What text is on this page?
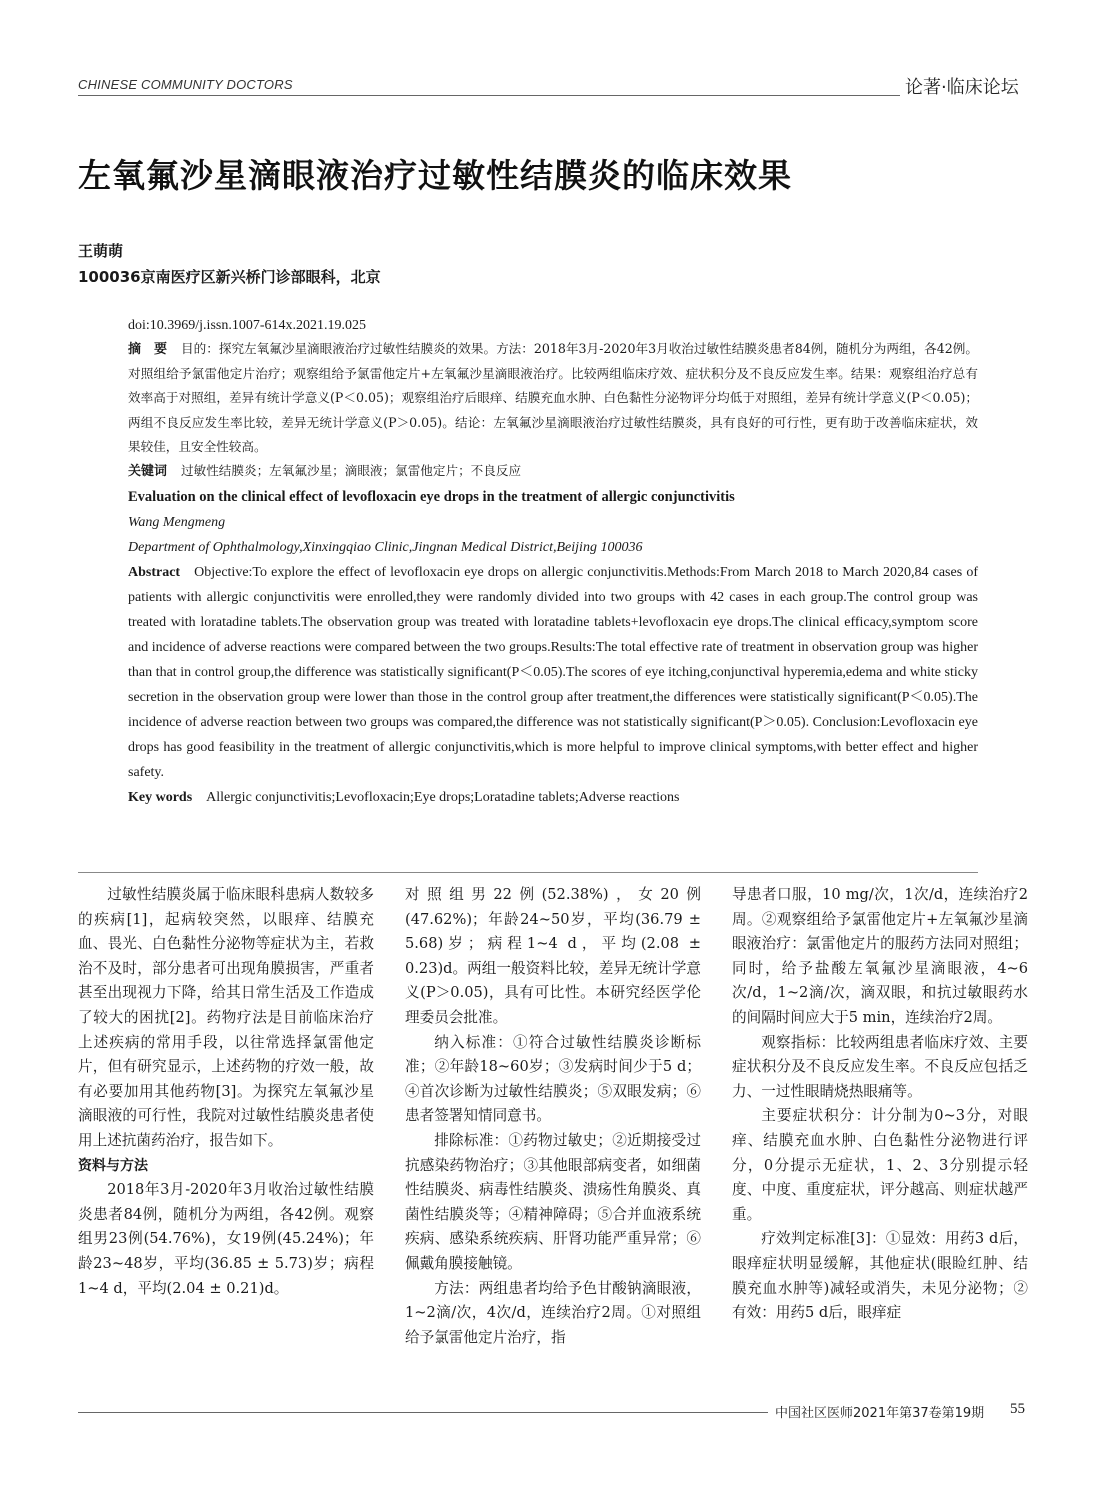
CHINESE COMMUNITY DOCTORS	论著·临床论坛
左氧氟沙星滴眼液治疗过敏性结膜炎的临床效果
王萌萌
100036京南医疗区新兴桥门诊部眼科，北京
doi:10.3969/j.issn.1007-614x.2021.19.025

摘　要 目的：探究左氧氟沙星滴眼液治疗过敏性结膜炎的效果。方法：2018年3月-2020年3月收治过敏性结膜炎患者84例，随机分为两组，各42例。对照组给予氯雷他定片治疗；观察组给予氯雷他定片+左氧氟沙星滴眼液治疗。比较两组临床疗效、症状积分及不良反应发生率。结果：观察组治疗总有效率高于对照组，差异有统计学意义(P＜0.05)；观察组治疗后眼痒、结膜充血水肿、白色黏性分泌物评分均低于对照组，差异有统计学意义(P＜0.05)；两组不良反应发生率比较，差异无统计学意义(P＞0.05)。结论：左氧氟沙星滴眼液治疗过敏性结膜炎，具有良好的可行性，更有助于改善临床症状，效果较佳，且安全性较高。

关键词 过敏性结膜炎；左氧氟沙星；滴眼液；氯雷他定片；不良反应

Evaluation on the clinical effect of levofloxacin eye drops in the treatment of allergic conjunctivitis

Wang Mengmeng

Department of Ophthalmology,Xinxingqiao Clinic,Jingnan Medical District,Beijing 100036

Abstract Objective:To explore the effect of levofloxacin eye drops on allergic conjunctivitis.Methods:From March 2018 to March 2020,84 cases of patients with allergic conjunctivitis were enrolled,they were randomly divided into two groups with 42 cases in each group.The control group was treated with loratadine tablets.The observation group was treated with loratadine tablets+levofloxacin eye drops.The clinical efficacy,symptom score and incidence of adverse reactions were compared between the two groups.Results:The total effective rate of treatment in observation group was higher than that in control group,the difference was statistically significant(P＜0.05).The scores of eye itching,conjunctival hyperemia,edema and white sticky secretion in the observation group were lower than those in the control group after treatment,the differences were statistically significant(P＜0.05).The incidence of adverse reaction between two groups was compared,the difference was not statistically significant(P＞0.05). Conclusion:Levofloxacin eye drops has good feasibility in the treatment of allergic conjunctivitis,which is more helpful to improve clinical symptoms,with better effect and higher safety.

Key words Allergic conjunctivitis;Levofloxacin;Eye drops;Loratadine tablets;Adverse reactions

过敏性结膜炎属于临床眼科患病人数较多的疾病[1]，起病较突然，以眼痒、结膜充血、畏光、白色黏性分泌物等症状为主，若救治不及时，部分患者可出现角膜损害，严重者甚至出现视力下降，给其日常生活及工作造成了较大的困扰[2]。药物疗法是目前临床治疗上述疾病的常用手段，以往常选择氯雷他定片，但有研究显示，上述药物的疗效一般，故有必要加用其他药物[3]。为探究左氧氟沙星滴眼液的可行性，我院对过敏性结膜炎患者使用上述抗菌药治疗，报告如下。

资料与方法

2018年3月-2020年3月收治过敏性结膜炎患者84例，随机分为两组，各42例。观察组男23例(54.76%)，女19例(45.24%)；年龄23~48岁，平均(36.85 ± 5.73)岁；病程1~4 d，平均(2.04 ± 0.21)d。

对照组男22例(52.38%)，女20例(47.62%)；年龄24~50岁，平均(36.79 ± 5.68)岁；病程1~4 d，平均(2.08 ± 0.23)d。两组一般资料比较，差异无统计学意义(P＞0.05)，具有可比性。本研究经医学伦理委员会批准。

纳入标准：①符合过敏性结膜炎诊断标准；②年龄18~60岁；③发病时间少于5 d；④首次诊断为过敏性结膜炎；⑤双眼发病；⑥患者签署知情同意书。

排除标准：①药物过敏史；②近期接受过抗感染药物治疗；③其他眼部病变者，如细菌性结膜炎、病毒性结膜炎、溃疡性角膜炎、真菌性结膜炎等；④精神障碍；⑤合并血液系统疾病、感染系统疾病、肝肾功能严重异常；⑥佩戴角膜接触镜。

方法：两组患者均给予色甘酸钠滴眼液，1~2滴/次，4次/d，连续治疗2周。①对照组给予氯雷他定片治疗，指

导患者口服，10 mg/次，1次/d，连续治疗2周。②观察组给予氯雷他定片+左氧氟沙星滴眼液治疗：氯雷他定片的服药方法同对照组；同时，给予盐酸左氧氟沙星滴眼液，4~6次/d，1~2滴/次，滴双眼，和抗过敏眼药水的间隔时间应大于5 min，连续治疗2周。

观察指标：比较两组患者临床疗效、主要症状积分及不良反应发生率。不良反应包括乏力、一过性眼睛烧热眼痛等。

主要症状积分：计分制为0~3分，对眼痒、结膜充血水肿、白色黏性分泌物进行评分，0分提示无症状，1、2、3分别提示轻度、中度、重度症状，评分越高、则症状越严重。

疗效判定标准[3]：①显效：用药3 d后，眼痒症状明显缓解，其他症状(眼睑红肿、结膜充血水肿等)减轻或消失，未见分泌物；②有效：用药5 d后，眼痒症

中国社区医师2021年第37卷第19期 55
